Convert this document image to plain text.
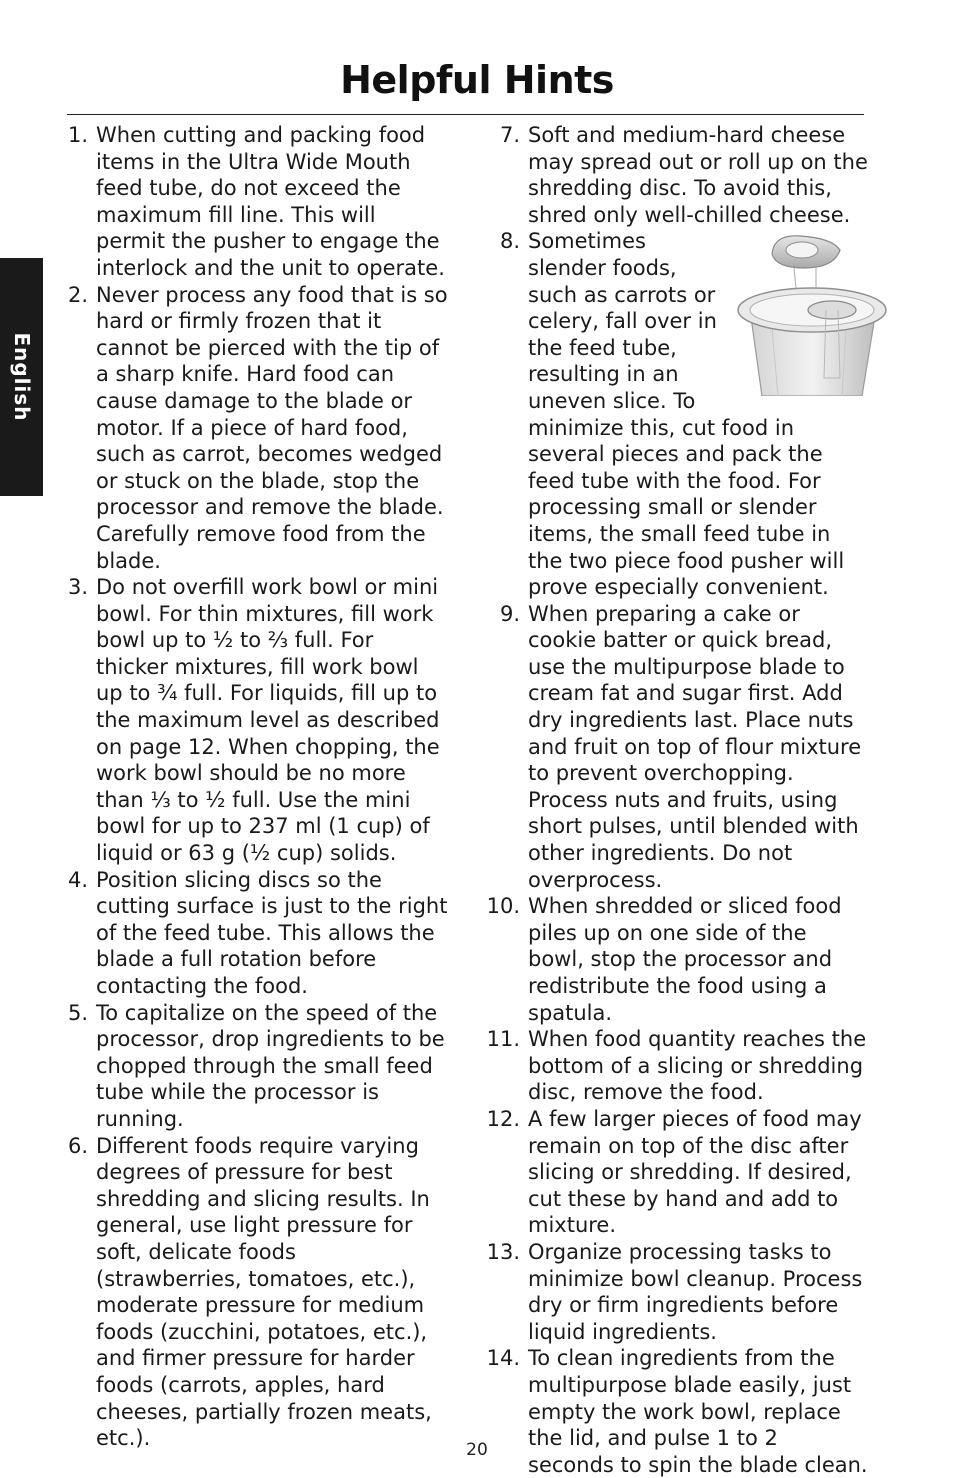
Helpful Hints
English
1. When cutting and packing food items in the Ultra Wide Mouth feed tube, do not exceed the maximum fill line. This will permit the pusher to engage the interlock and the unit to operate.
2. Never process any food that is so hard or firmly frozen that it cannot be pierced with the tip of a sharp knife. Hard food can cause damage to the blade or motor. If a piece of hard food, such as carrot, becomes wedged or stuck on the blade, stop the processor and remove the blade. Carefully remove food from the blade.
3. Do not overfill work bowl or mini bowl. For thin mixtures, fill work bowl up to ½ to ⅔ full. For thicker mixtures, fill work bowl up to ¾ full. For liquids, fill up to the maximum level as described on page 12. When chopping, the work bowl should be no more than ⅓ to ½ full. Use the mini bowl for up to 237 ml (1 cup) of liquid or 63 g (½ cup) solids.
4. Position slicing discs so the cutting surface is just to the right of the feed tube. This allows the blade a full rotation before contacting the food.
5. To capitalize on the speed of the processor, drop ingredients to be chopped through the small feed tube while the processor is running.
6. Different foods require varying degrees of pressure for best shredding and slicing results. In general, use light pressure for soft, delicate foods (strawberries, tomatoes, etc.), moderate pressure for medium foods (zucchini, potatoes, etc.), and firmer pressure for harder foods (carrots, apples, hard cheeses, partially frozen meats, etc.).
7. Soft and medium-hard cheese may spread out or roll up on the shredding disc. To avoid this, shred only well-chilled cheese.
8. Sometimes slender foods, such as carrots or celery, fall over in the feed tube, resulting in an uneven slice. To minimize this, cut food in several pieces and pack the feed tube with the food. For processing small or slender items, the small feed tube in the two piece food pusher will prove especially convenient.
9. When preparing a cake or cookie batter or quick bread, use the multipurpose blade to cream fat and sugar first. Add dry ingredients last. Place nuts and fruit on top of flour mixture to prevent overchopping. Process nuts and fruits, using short pulses, until blended with other ingredients. Do not overprocess.
10. When shredded or sliced food piles up on one side of the bowl, stop the processor and redistribute the food using a spatula.
11. When food quantity reaches the bottom of a slicing or shredding disc, remove the food.
12. A few larger pieces of food may remain on top of the disc after slicing or shredding. If desired, cut these by hand and add to mixture.
13. Organize processing tasks to minimize bowl cleanup. Process dry or firm ingredients before liquid ingredients.
14. To clean ingredients from the multipurpose blade easily, just empty the work bowl, replace the lid, and pulse 1 to 2 seconds to spin the blade clean.
20
